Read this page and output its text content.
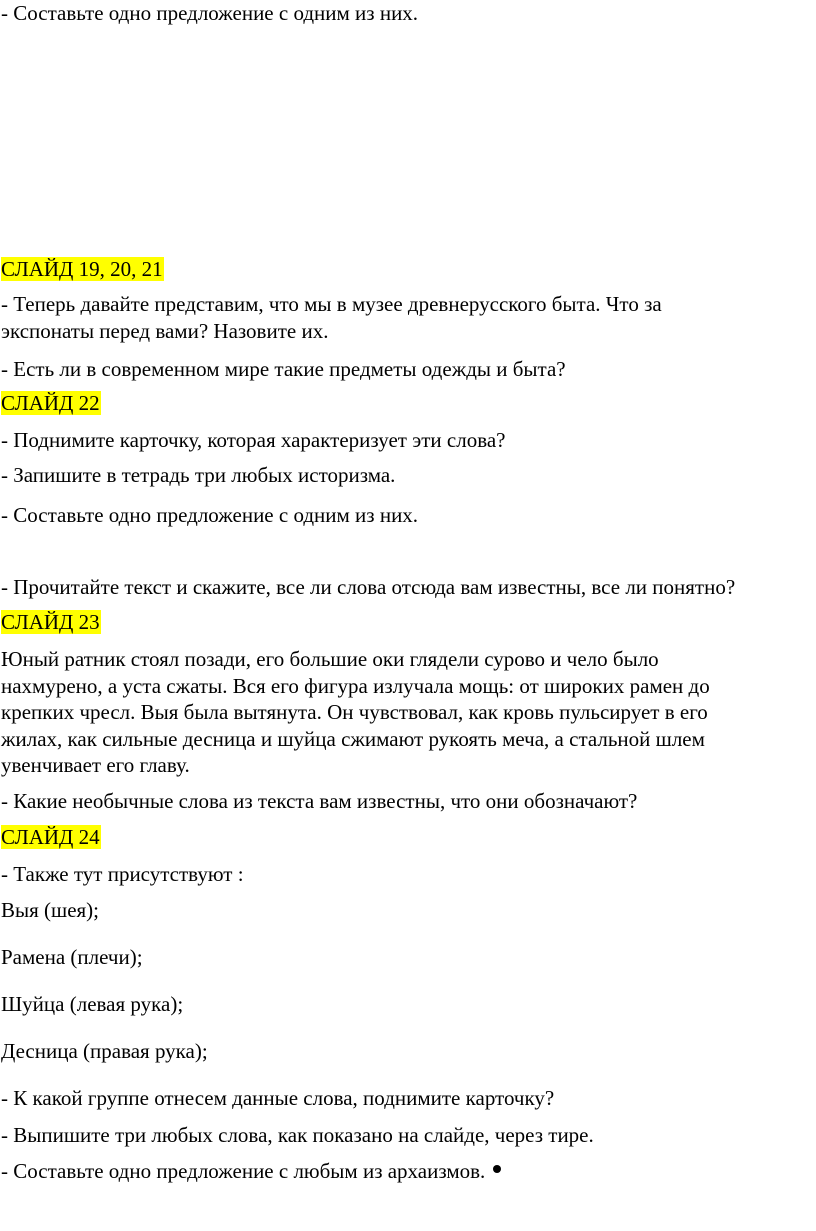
- Составьте одно предложение с одним из них.
СЛАЙД 19, 20, 21
- Теперь давайте представим, что мы в музее древнерусского быта. Что за
экспонаты перед вами? Назовите их.
- Есть ли в современном мире такие предметы одежды и быта?
СЛАЙД 22
- Поднимите карточку, которая характеризует эти слова?
- Запишите в тетрадь три любых историзма.
- Составьте одно предложение с одним из них.
- Прочитайте текст и скажите, все ли слова отсюда вам известны, все ли понятно?
СЛАЙД 23
Юный ратник стоял позади, его большие оки глядели сурово и чело было
нахмурено, а уста сжаты. Вся его фигура излучала мощь: от широких рамен до
крепких чресл. Выя была вытянута. Он чувствовал, как кровь пульсирует в его
жилах, как сильные десница и шуйца сжимают рукоять меча, а стальной шлем
увенчивает его главу.
- Какие необычные слова из текста вам известны, что они обозначают?
СЛАЙД 24
- Также тут присутствуют :
Выя (шея);
Рамена (плечи);
Шуйца (левая рука);
Десница (правая рука);
- К какой группе отнесем данные слова, поднимите карточку?
- Выпишите три любых слова, как показано на слайде, через тире.
- Составьте одно предложение с любым из архаизмов.
